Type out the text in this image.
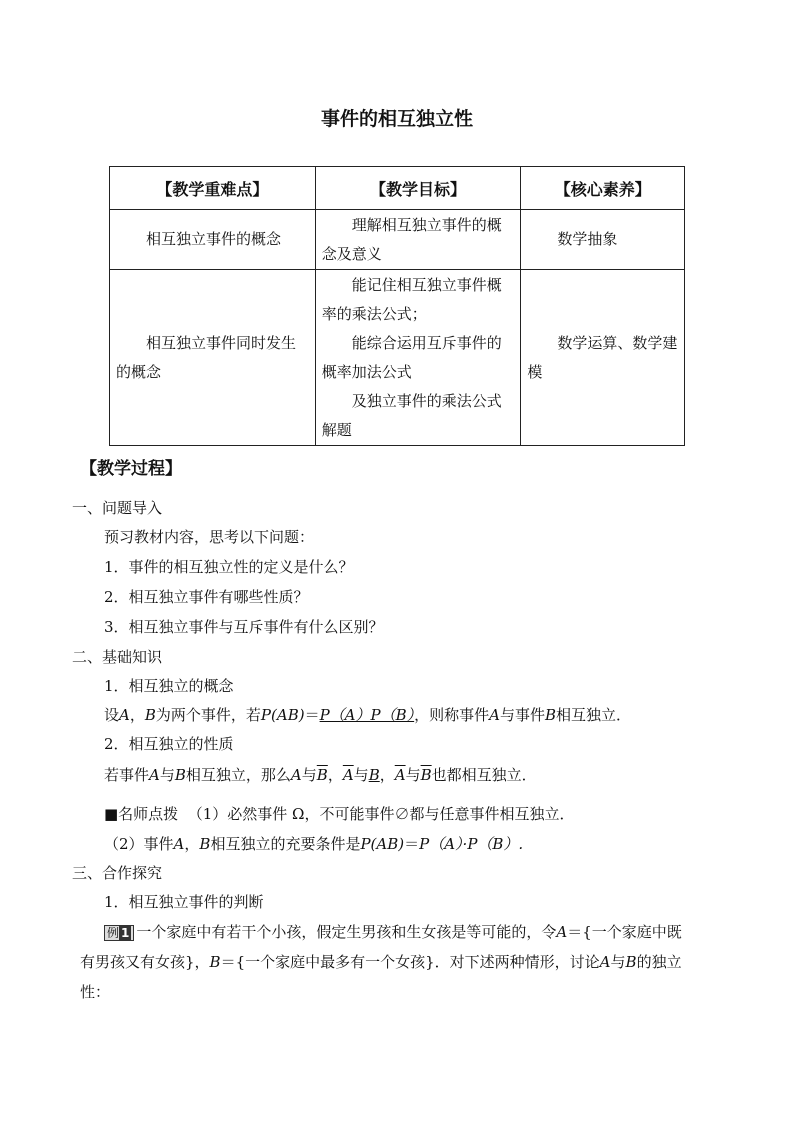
事件的相互独立性
【教学重难点】	【教学目标】	【核心素养】

相互独立事件的概念	理解相互独立事件的概念及意义	数学抽象

相互独立事件同时发生的概念	能记住相互独立事件概率的乘法公式；
能综合运用互斥事件的概率加法公式
及独立事件的乘法公式解题	数学运算、数学建模
【教学过程】
一、问题导入
预习教材内容，思考以下问题：
1．事件的相互独立性的定义是什么？
2．相互独立事件有哪些性质？
3．相互独立事件与互斥事件有什么区别？
二、基础知识
1．相互独立的概念
设A，B为两个事件，若P(AB)＝P（A）P（B），则称事件A与事件B相互独立．
2．相互独立的性质
若事件A与B相互独立，那么A与$\overline{B}$，$\overline{A}$与B，$\overline{A}$与$\overline{B}$也都相互独立．
■名师点拨 （1）必然事件 Ω，不可能事件∅都与任意事件相互独立．
（2）事件A，B相互独立的充要条件是P(AB)＝P（A）·P（B）.
三、合作探究
1．相互独立事件的判断
例 1 一个家庭中有若干个小孩，假定生男孩和生女孩是等可能的，令A＝{一个家庭中既
有男孩又有女孩}，B＝{一个家庭中最多有一个女孩}．对下述两种情形，讨论A与B的独立
性：
